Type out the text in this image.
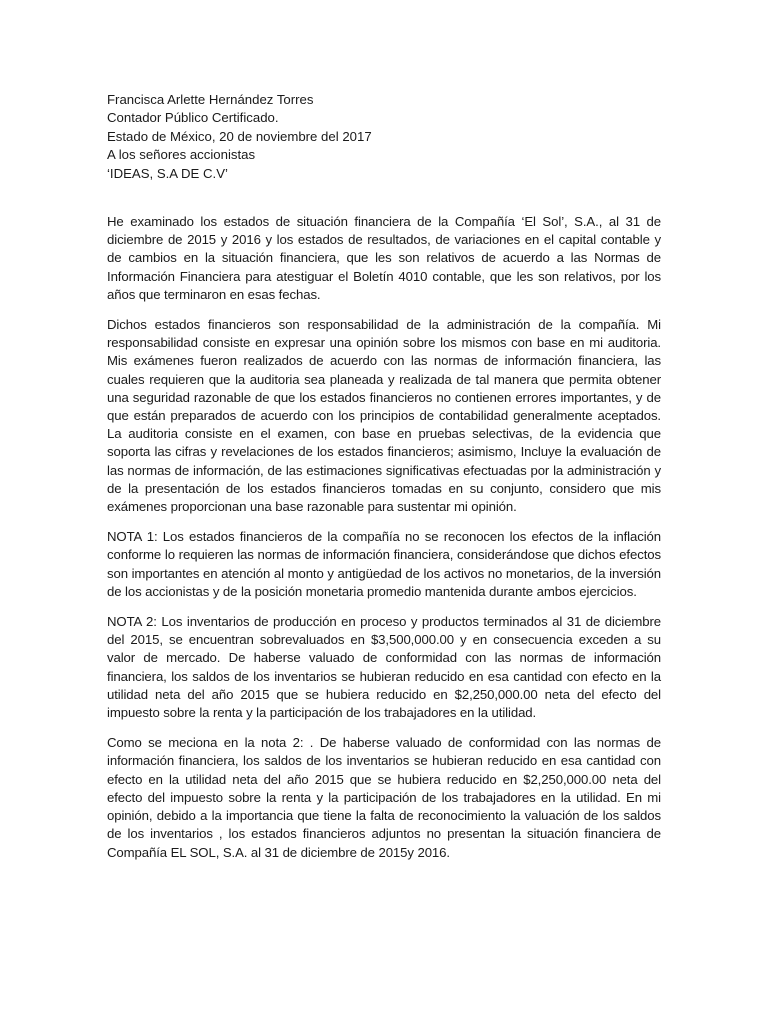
Francisca Arlette Hernández Torres
Contador Público Certificado.
Estado de México, 20 de noviembre del 2017
A los señores accionistas
‘IDEAS, S.A DE C.V’

He examinado los estados de situación financiera de la Compañía ‘El Sol’, S.A., al 31 de diciembre de 2015 y 2016 y los estados de resultados, de variaciones en el capital contable y de cambios en la situación financiera, que les son relativos de acuerdo a las Normas de Información Financiera para atestiguar el Boletín 4010 contable, que les son relativos, por los años que terminaron en esas fechas.

Dichos estados financieros son responsabilidad de la administración de la compañía. Mi responsabilidad consiste en expresar una opinión sobre los mismos con base en mi auditoria. Mis exámenes fueron realizados de acuerdo con las normas de información financiera, las cuales requieren que la auditoria sea planeada y realizada de tal manera que permita obtener una seguridad razonable de que los estados financieros no contienen errores importantes, y de que están preparados de acuerdo con los principios de contabilidad generalmente aceptados. La auditoria consiste en el examen, con base en pruebas selectivas, de la evidencia que soporta las cifras y revelaciones de los estados financieros; asimismo, Incluye la evaluación de las normas de información, de las estimaciones significativas efectuadas por la administración y de la presentación de los estados financieros tomadas en su conjunto, considero que mis exámenes proporcionan una base razonable para sustentar mi opinión.

NOTA 1: Los estados financieros de la compañía no se reconocen los efectos de la inflación conforme lo requieren las normas de información financiera, considerándose que dichos efectos son importantes en atención al monto y antigüedad de los activos no monetarios, de la inversión de los accionistas y de la posición monetaria promedio mantenida durante ambos ejercicios.

NOTA 2: Los inventarios de producción en proceso y productos terminados al 31 de diciembre del 2015, se encuentran sobrevaluados en $3,500,000.00 y en consecuencia exceden a su valor de mercado. De haberse valuado de conformidad con las normas de información financiera, los saldos de los inventarios se hubieran reducido en esa cantidad con efecto en la utilidad neta del año 2015 que se hubiera reducido en $2,250,000.00 neta del efecto del impuesto sobre la renta y la participación de los trabajadores en la utilidad.

Como se meciona en la nota 2: . De haberse valuado de conformidad con las normas de información financiera, los saldos de los inventarios se hubieran reducido en esa cantidad con efecto en la utilidad neta del año 2015 que se hubiera reducido en $2,250,000.00 neta del efecto del impuesto sobre la renta y la participación de los trabajadores en la utilidad. En mi opinión, debido a la importancia que tiene la falta de reconocimiento la valuación de los saldos de los inventarios , los estados financieros adjuntos no presentan la situación financiera de Compañía EL SOL, S.A. al 31 de diciembre de 2015y 2016.
